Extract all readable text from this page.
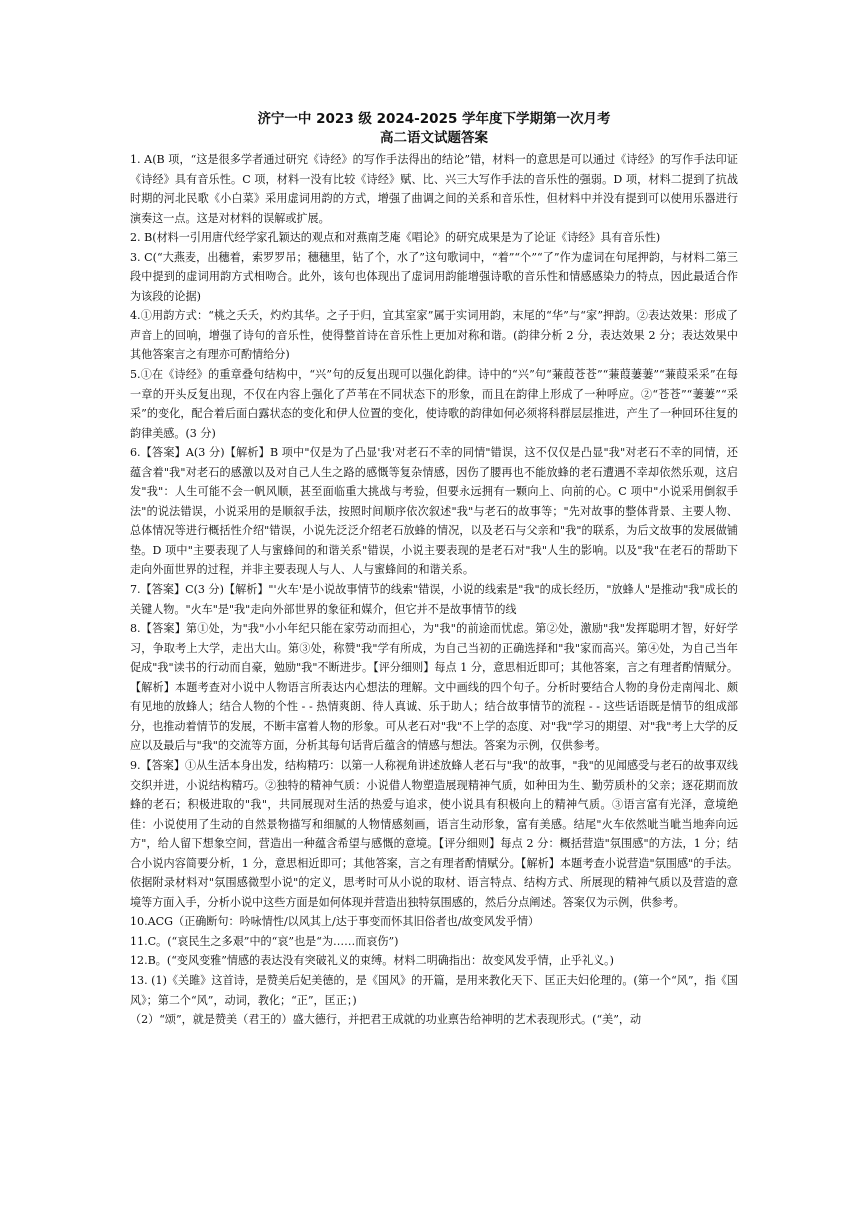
济宁一中 2023 级 2024-2025 学年度下学期第一次月考
高二语文试题答案

1. A(B 项，“这是很多学者通过研究《诗经》的写作手法得出的结论”错，材料一的意思是可以通过《诗经》的写作手法印证《诗经》具有音乐性。C 项，材料一没有比较《诗经》赋、比、兴三大写作手法的音乐性的强弱。D 项，材料二提到了抗战时期的河北民歌《小白菜》采用虚词用韵的方式，增强了曲调之间的关系和音乐性，但材料中并没有提到可以使用乐器进行演奏这一点。这是对材料的误解或扩展。

2. B(材料一引用唐代经学家孔颖达的观点和对燕南芝庵《唱论》的研究成果是为了论证《诗经》具有音乐性)

3. C(“大燕麦，出穗着，索罗罗吊；穗穗里，钻了个，水了”这句歌词中，“着”“个”“了”作为虚词在句尾押韵，与材料二第三段中提到的虚词用韵方式相吻合。此外，该句也体现出了虚词用韵能增强诗歌的音乐性和情感感染力的特点，因此最适合作为该段的论据)

4.①用韵方式：“桃之夭夭，灼灼其华。之子于归，宜其室家”属于实词用韵，末尾的“华”与“家”押韵。②表达效果：形成了声音上的回响，增强了诗句的音乐性，使得整首诗在音乐性上更加对称和谐。(韵律分析 2 分，表达效果 2 分；表达效果中其他答案言之有理亦可酌情给分)

5.①在《诗经》的重章叠句结构中，“兴”句的反复出现可以强化韵律。诗中的“兴”句“蒹葭苍苍”“蒹葭萋萋”“蒹葭采采”在每一章的开头反复出现，不仅在内容上强化了芦苇在不同状态下的形象，而且在韵律上形成了一种呼应。②“苍苍”“萋萋”“采采”的变化，配合着后面白露状态的变化和伊人位置的变化，使诗歌的韵律如何必须将科群层层推进，产生了一种回环往复的韵律美感。(3 分)

6.【答案】A(3 分)【解析】B 项中"仅是为了凸显'我'对老石不幸的同情"错误，这不仅仅是凸显"我"对老石不幸的同情，还蕴含着"我"对老石的感激以及对自己人生之路的感慨等复杂情感，因伤了腰再也不能放蜂的老石遭遇不幸却依然乐观，这启发"我"：人生可能不会一帆风顺，甚至面临重大挑战与考验，但要永远拥有一颗向上、向前的心。C 项中"小说采用倒叙手法"的说法错误，小说采用的是顺叙手法，按照时间顺序依次叙述"我"与老石的故事等；"先对故事的整体背景、主要人物、总体情况等进行概括性介绍"错误，小说先泛泛介绍老石放蜂的情况，以及老石与父亲和"我"的联系，为后文故事的发展做铺垫。D 项中"主要表现了人与蜜蜂间的和谐关系"错误，小说主要表现的是老石对"我"人生的影响。以及"我"在老石的帮助下走向外面世界的过程，并非主要表现人与人、人与蜜蜂间的和谐关系。

7.【答案】C(3 分)【解析】"'火车'是小说故事情节的线索"错误，小说的线索是"我"的成长经历，"放蜂人"是推动"我"成长的关键人物。"火车"是"我"走向外部世界的象征和媒介，但它并不是故事情节的线

8.【答案】第①处，为"我"小小年纪只能在家劳动而担心，为"我"的前途而忧虑。第②处，激励"我"发挥聪明才智，好好学习，争取考上大学，走出大山。第③处，称赞"我"学有所成，为自己当初的正确选择和"我"家而高兴。第④处，为自己当年促成"我"读书的行动而自豪，勉励"我"不断进步。【评分细则】每点 1 分，意思相近即可；其他答案，言之有理者酌情赋分。【解析】本题考查对小说中人物语言所表达内心想法的理解。文中画线的四个句子。分析时要结合人物的身份走南闯北、颇有见地的放蜂人；结合人物的个性 - - 热情爽朗、待人真诚、乐于助人；结合故事情节的流程 - - 这些话语既是情节的组成部分，也推动着情节的发展，不断丰富着人物的形象。可从老石对"我"不上学的态度、对"我"学习的期望、对"我"考上大学的反应以及最后与"我"的交流等方面，分析其每句话背后蕴含的情感与想法。答案为示例，仅供参考。

9.【答案】①从生活本身出发，结构精巧：以第一人称视角讲述放蜂人老石与"我"的故事，"我"的见闻感受与老石的故事双线交织并进，小说结构精巧。②独特的精神气质：小说借人物塑造展现精神气质，如种田为生、勤劳质朴的父亲；逐花期而放蜂的老石；积极进取的"我"，共同展现对生活的热爱与追求，使小说具有积极向上的精神气质。③语言富有光泽，意境绝佳：小说使用了生动的自然景物描写和细腻的人物情感刻画，语言生动形象，富有美感。结尾"火车依然呲当呲当地奔向远方"，给人留下想象空间，营造出一种蕴含希望与感慨的意境。【评分细则】每点 2 分：概括营造"氛围感"的方法，1 分；结合小说内容简要分析，1 分，意思相近即可；其他答案，言之有理者酌情赋分。【解析】本题考查小说营造"氛围感"的手法。依据附录材料对"氛围感微型小说"的定义，思考时可从小说的取材、语言特点、结构方式、所展现的精神气质以及营造的意境等方面入手，分析小说中这些方面是如何体现并营造出独特氛围感的，然后分点阐述。答案仅为示例，供参考。

10.ACG（正确断句：吟咏情性/以风其上/达于事变而怀其旧俗者也/故变风发乎情）

11.C。(“哀民生之多艰”中的“哀”也是“为……而哀伤”)

12.B。(“变风变雅”情感的表达没有突破礼义的束缚。材料二明确指出：故变风发乎情，止乎礼义。)

13. (1)《关雎》这首诗，是赞美后妃美德的，是《国风》的开篇，是用来教化天下、匡正夫妇伦理的。(第一个“风”，指《国风》；第二个“风”，动词，教化；“正”，匡正；)

（2）“颂”，就是赞美（君王的）盛大德行，并把君王成就的功业禀告给神明的艺术表现形式。(“美”，动
